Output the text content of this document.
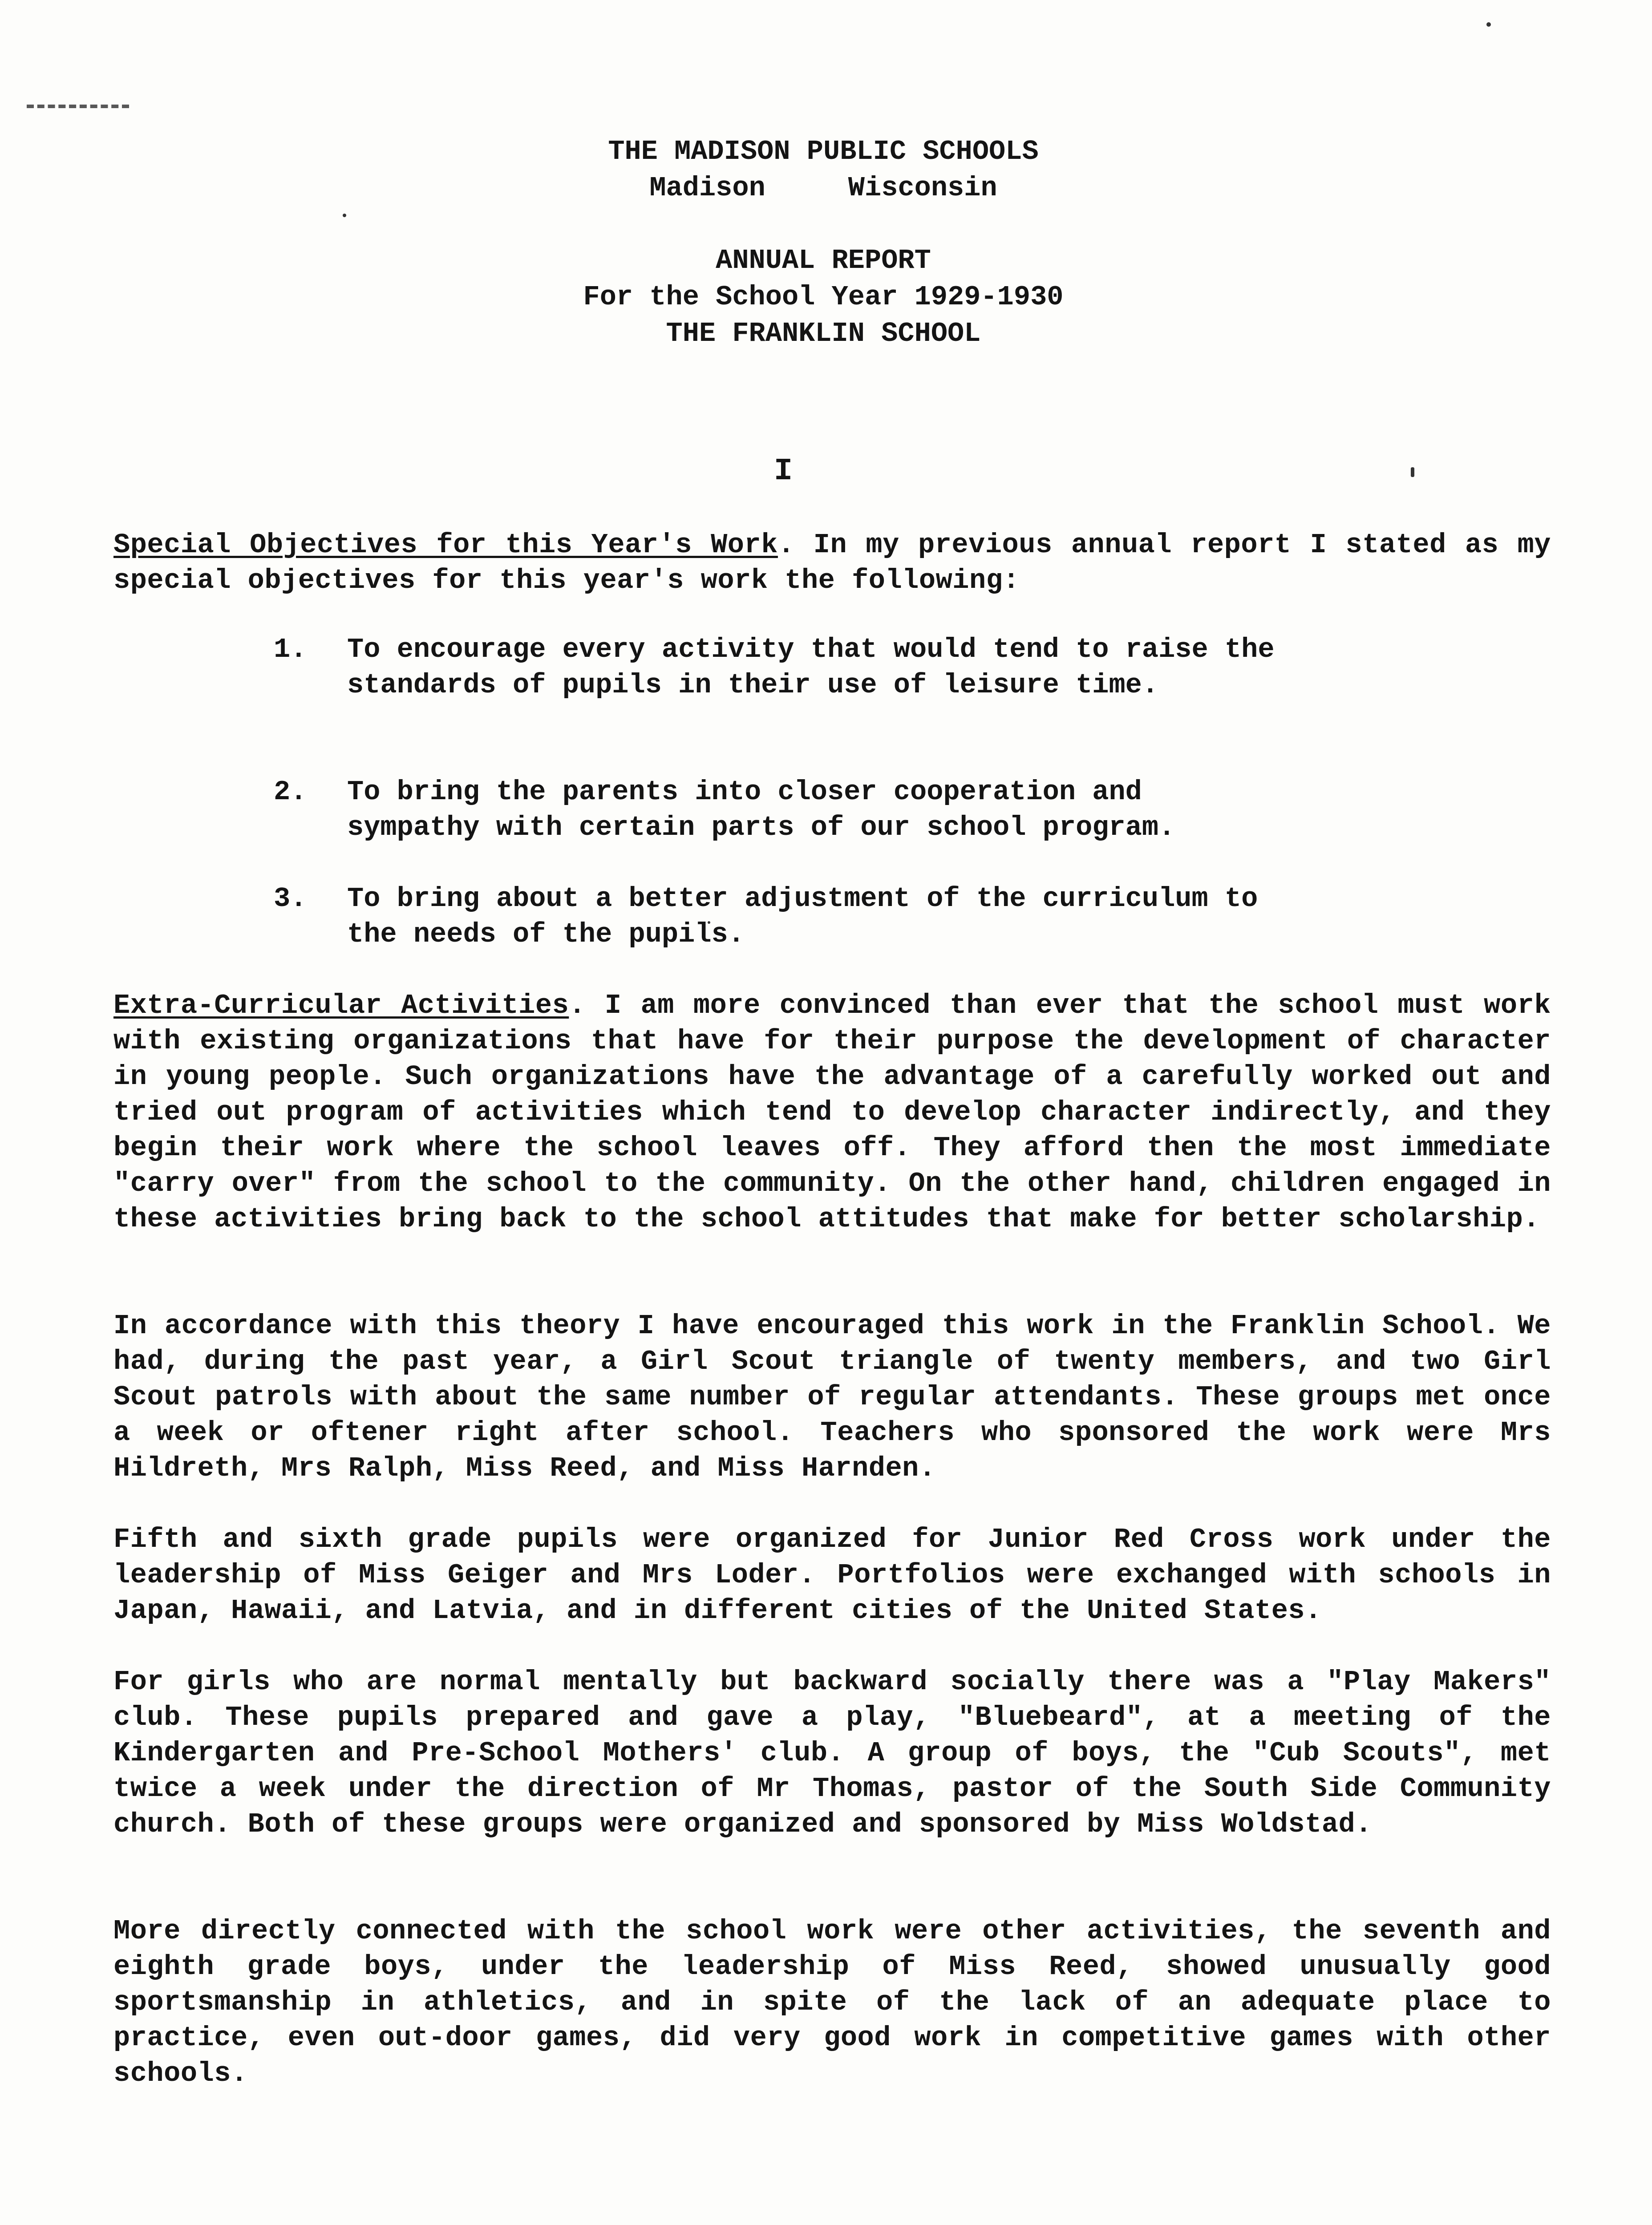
THE MADISON PUBLIC SCHOOLS
Madison     Wisconsin
ANNUAL REPORT
For the School Year 1929-1930
THE FRANKLIN SCHOOL
I
Special Objectives for this Year's Work. In my previous annual report I stated as my special objectives for this year's work the following:
1.	To encourage every activity that would tend to raise the standards of pupils in their use of leisure time.
2.	To bring the parents into closer cooperation and sympathy with certain parts of our school program.
3.	To bring about a better adjustment of the curriculum to the needs of the pupils.
Extra-Curricular Activities. I am more convinced than ever that the school must work with existing organizations that have for their purpose the development of character in young people. Such organizations have the advantage of a carefully worked out and tried out program of activities which tend to develop character indirectly, and they begin their work where the school leaves off. They afford then the most immediate "carry over" from the school to the community. On the other hand, children engaged in these activities bring back to the school attitudes that make for better scholarship.
In accordance with this theory I have encouraged this work in the Franklin School. We had, during the past year, a Girl Scout triangle of twenty members, and two Girl Scout patrols with about the same number of regular attendants. These groups met once a week or oftener right after school. Teachers who sponsored the work were Mrs Hildreth, Mrs Ralph, Miss Reed, and Miss Harnden.
Fifth and sixth grade pupils were organized for Junior Red Cross work under the leadership of Miss Geiger and Mrs Loder. Portfolios were exchanged with schools in Japan, Hawaii, and Latvia, and in different cities of the United States.
For girls who are normal mentally but backward socially there was a "Play Makers" club. These pupils prepared and gave a play, "Bluebeard", at a meeting of the Kindergarten and Pre-School Mothers' club. A group of boys, the "Cub Scouts", met twice a week under the direction of Mr Thomas, pastor of the South Side Community church. Both of these groups were organized and sponsored by Miss Woldstad.
More directly connected with the school work were other activities, the seventh and eighth grade boys, under the leadership of Miss Reed, showed unusually good sportsmanship in athletics, and in spite of the lack of an adequate place to practice, even out-door games, did very good work in competitive games with other schools.
